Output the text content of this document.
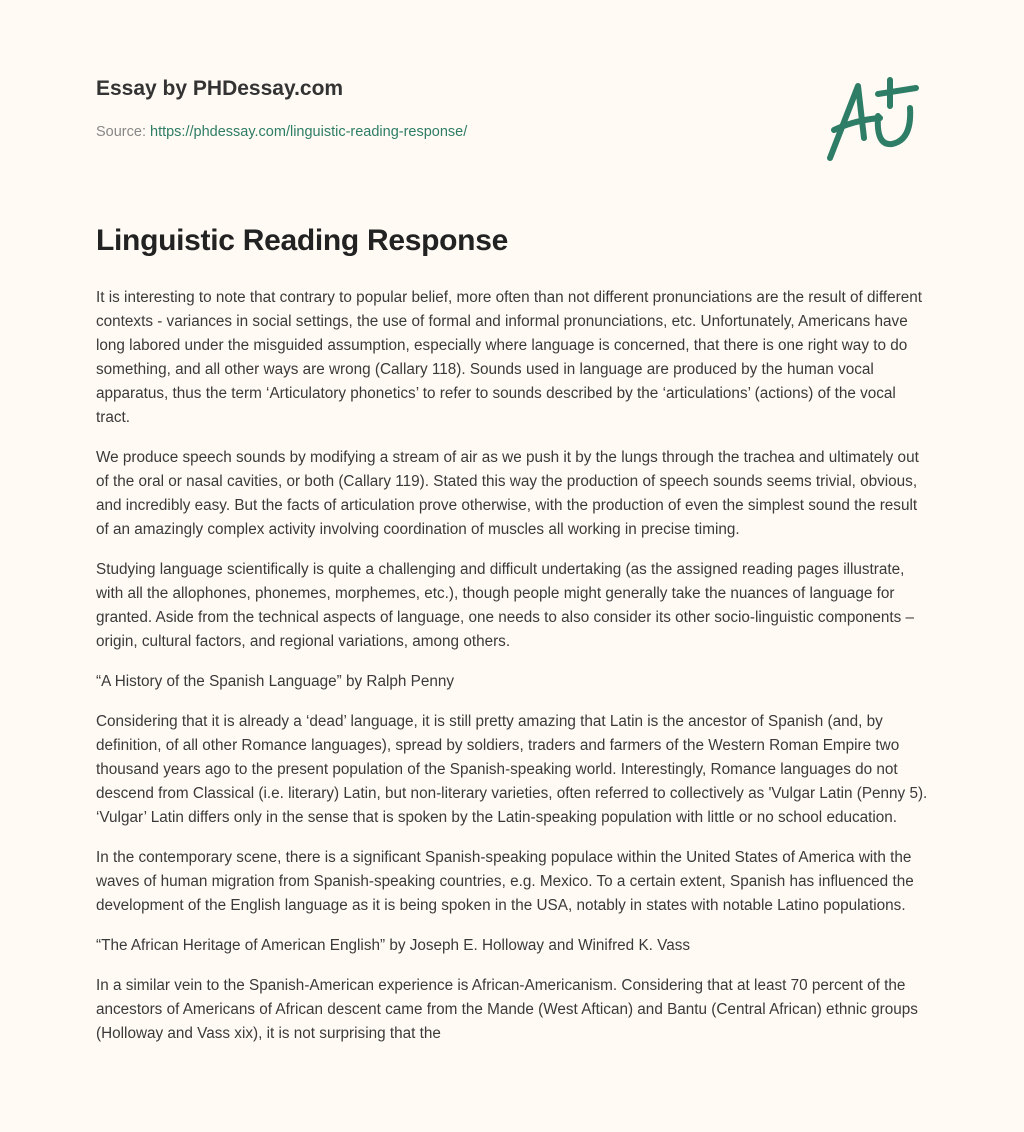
Essay by PHDessay.com
Source: https://phdessay.com/linguistic-reading-response/
Linguistic Reading Response

It is interesting to note that contrary to popular belief, more often than not different pronunciations are the result of different contexts - variances in social settings, the use of formal and informal pronunciations, etc. Unfortunately, Americans have long labored under the misguided assumption, especially where language is concerned, that there is one right way to do something, and all other ways are wrong (Callary 118). Sounds used in language are produced by the human vocal apparatus, thus the term ‘Articulatory phonetics’ to refer to sounds described by the ‘articulations’ (actions) of the vocal tract.

We produce speech sounds by modifying a stream of air as we push it by the lungs through the trachea and ultimately out of the oral or nasal cavities, or both (Callary 119). Stated this way the production of speech sounds seems trivial, obvious, and incredibly easy. But the facts of articulation prove otherwise, with the production of even the simplest sound the result of an amazingly complex activity involving coordination of muscles all working in precise timing.

Studying language scientifically is quite a challenging and difficult undertaking (as the assigned reading pages illustrate, with all the allophones, phonemes, morphemes, etc.), though people might generally take the nuances of language for granted. Aside from the technical aspects of language, one needs to also consider its other socio-linguistic components – origin, cultural factors, and regional variations, among others.

“A History of the Spanish Language” by Ralph Penny

Considering that it is already a ‘dead’ language, it is still pretty amazing that Latin is the ancestor of Spanish (and, by definition, of all other Romance languages), spread by soldiers, traders and farmers of the Western Roman Empire two thousand years ago to the present population of the Spanish-speaking world. Interestingly, Romance languages do not descend from Classical (i.e. literary) Latin, but non-literary varieties, often referred to collectively as 'Vulgar Latin (Penny 5). ‘Vulgar’ Latin differs only in the sense that is spoken by the Latin-speaking population with little or no school education.

In the contemporary scene, there is a significant Spanish-speaking populace within the United States of America with the waves of human migration from Spanish-speaking countries, e.g. Mexico. To a certain extent, Spanish has influenced the development of the English language as it is being spoken in the USA, notably in states with notable Latino populations.

“The African Heritage of American English” by Joseph E. Holloway and Winifred K. Vass

In a similar vein to the Spanish-American experience is African-Americanism. Considering that at least 70 percent of the ancestors of Americans of African descent came from the Mande (West Aftican) and Bantu (Central African) ethnic groups (Holloway and Vass xix), it is not surprising that the
